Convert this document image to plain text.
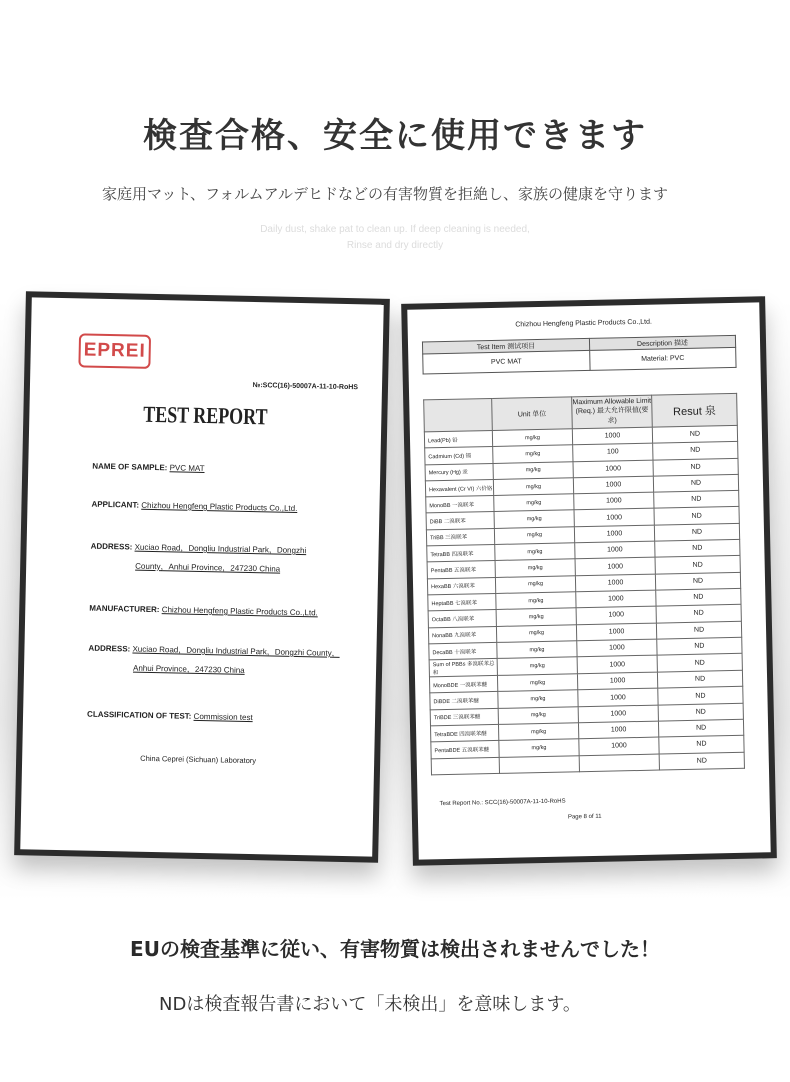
検査合格、安全に使用できます
家庭用マット、フォルムアルデヒドなどの有害物質を拒絶し、家族の健康を守ります
Daily dust, shake pat to clean up. If deep cleaning is needed,
Rinse and dry directly
EPREI
№:SCC(16)-50007A-11-10-RoHS
TEST REPORT
NAME OF SAMPLE: PVC MAT
APPLICANT: Chizhou Hengfeng Plastic Products Co.,Ltd.
ADDRESS: Xuciao Road，Dongliu Industrial Park，Dongzhi
County，Anhui Province，247230 China
MANUFACTURER: Chizhou Hengfeng Plastic Products Co.,Ltd.
ADDRESS: Xuciao Road，Dongliu Industrial Park，Dongzhi County，
Anhui Province，247230 China
CLASSIFICATION OF TEST: Commission test
China Ceprei (Sichuan) Laboratory
Chizhou Hengfeng Plastic Products Co.,Ltd.
Test Item 测试项目	Description 描述
PVC MAT	Material: PVC
	Unit 单位	Maximum Allowable Limit (Req.) 最大允许限值(要求)	Resut 泉
Lead(Pb) 铅	mg/kg	1000	ND
Cadmium (Cd) 镉	mg/kg	100	ND
Mercury (Hg) 汞	mg/kg	1000	ND
Hexavalent (Cr VI) 六价铬	mg/kg	1000	ND
MonoBB 一溴联苯	mg/kg	1000	ND
DiBB 二溴联苯	mg/kg	1000	ND
TriBB 三溴联苯	mg/kg	1000	ND
TetraBB 四溴联苯	mg/kg	1000	ND
PentaBB 五溴联苯	mg/kg	1000	ND
HexaBB 六溴联苯	mg/kg	1000	ND
HeptaBB 七溴联苯	mg/kg	1000	ND
OctaBB 八溴联苯	mg/kg	1000	ND
NonaBB 九溴联苯	mg/kg	1000	ND
DecaBB 十溴联苯	mg/kg	1000	ND
Sum of PBBs 多溴联苯总和	mg/kg	1000	ND
MonoBDE 一溴联苯醚	mg/kg	1000	ND
DiBDE 二溴联苯醚	mg/kg	1000	ND
TriBDE 三溴联苯醚	mg/kg	1000	ND
TetraBDE 四溴联苯醚	mg/kg	1000	ND
PentaBDE 五溴联苯醚	mg/kg	1000	ND
			ND
Test Report No.: SCC(16)-50007A-11-10-RoHS
Page 8 of 11
EUの検査基準に従い、有害物質は検出されませんでした！
NDは検査報告書において「未検出」を意味します。
